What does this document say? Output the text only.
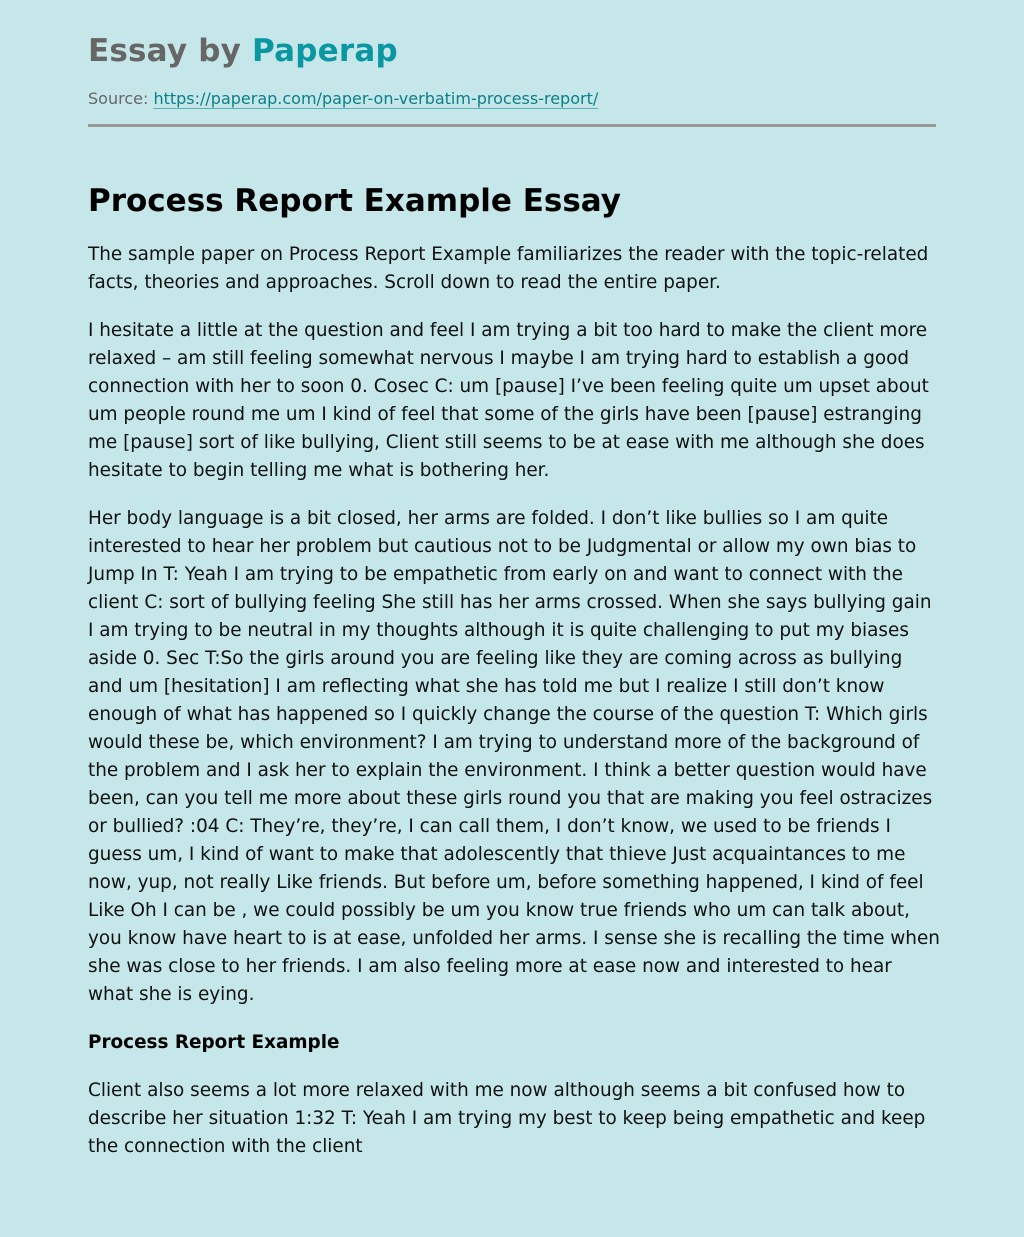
Essay by Paperap
Source: https://paperap.com/paper-on-verbatim-process-report/
Process Report Example Essay

The sample paper on Process Report Example familiarizes the reader with the topic-related facts, theories and approaches. Scroll down to read the entire paper.

I hesitate a little at the question and feel I am trying a bit too hard to make the client more relaxed – am still feeling somewhat nervous I maybe I am trying hard to establish a good connection with her to soon 0. Cosec C: um [pause] I’ve been feeling quite um upset about um people round me um I kind of feel that some of the girls have been [pause] estranging me [pause] sort of like bullying, Client still seems to be at ease with me although she does hesitate to begin telling me what is bothering her.

Her body language is a bit closed, her arms are folded. I don’t like bullies so I am quite interested to hear her problem but cautious not to be Judgmental or allow my own bias to Jump In T: Yeah I am trying to be empathetic from early on and want to connect with the client C: sort of bullying feeling She still has her arms crossed. When she says bullying gain I am trying to be neutral in my thoughts although it is quite challenging to put my biases aside 0. Sec T:So the girls around you are feeling like they are coming across as bullying and um [hesitation] I am reflecting what she has told me but I realize I still don’t know enough of what has happened so I quickly change the course of the question T: Which girls would these be, which environment? I am trying to understand more of the background of the problem and I ask her to explain the environment. I think a better question would have been, can you tell me more about these girls round you that are making you feel ostracizes or bullied? :04 C: They’re, they’re, I can call them, I don’t know, we used to be friends I guess um, I kind of want to make that adolescently that thieve Just acquaintances to me now, yup, not really Like friends. But before um, before something happened, I kind of feel Like Oh I can be , we could possibly be um you know true friends who um can talk about, you know have heart to is at ease, unfolded her arms. I sense she is recalling the time when she was close to her friends. I am also feeling more at ease now and interested to hear what she is eying.

Process Report Example

Client also seems a lot more relaxed with me now although seems a bit confused how to describe her situation 1:32 T: Yeah I am trying my best to keep being empathetic and keep the connection with the client
